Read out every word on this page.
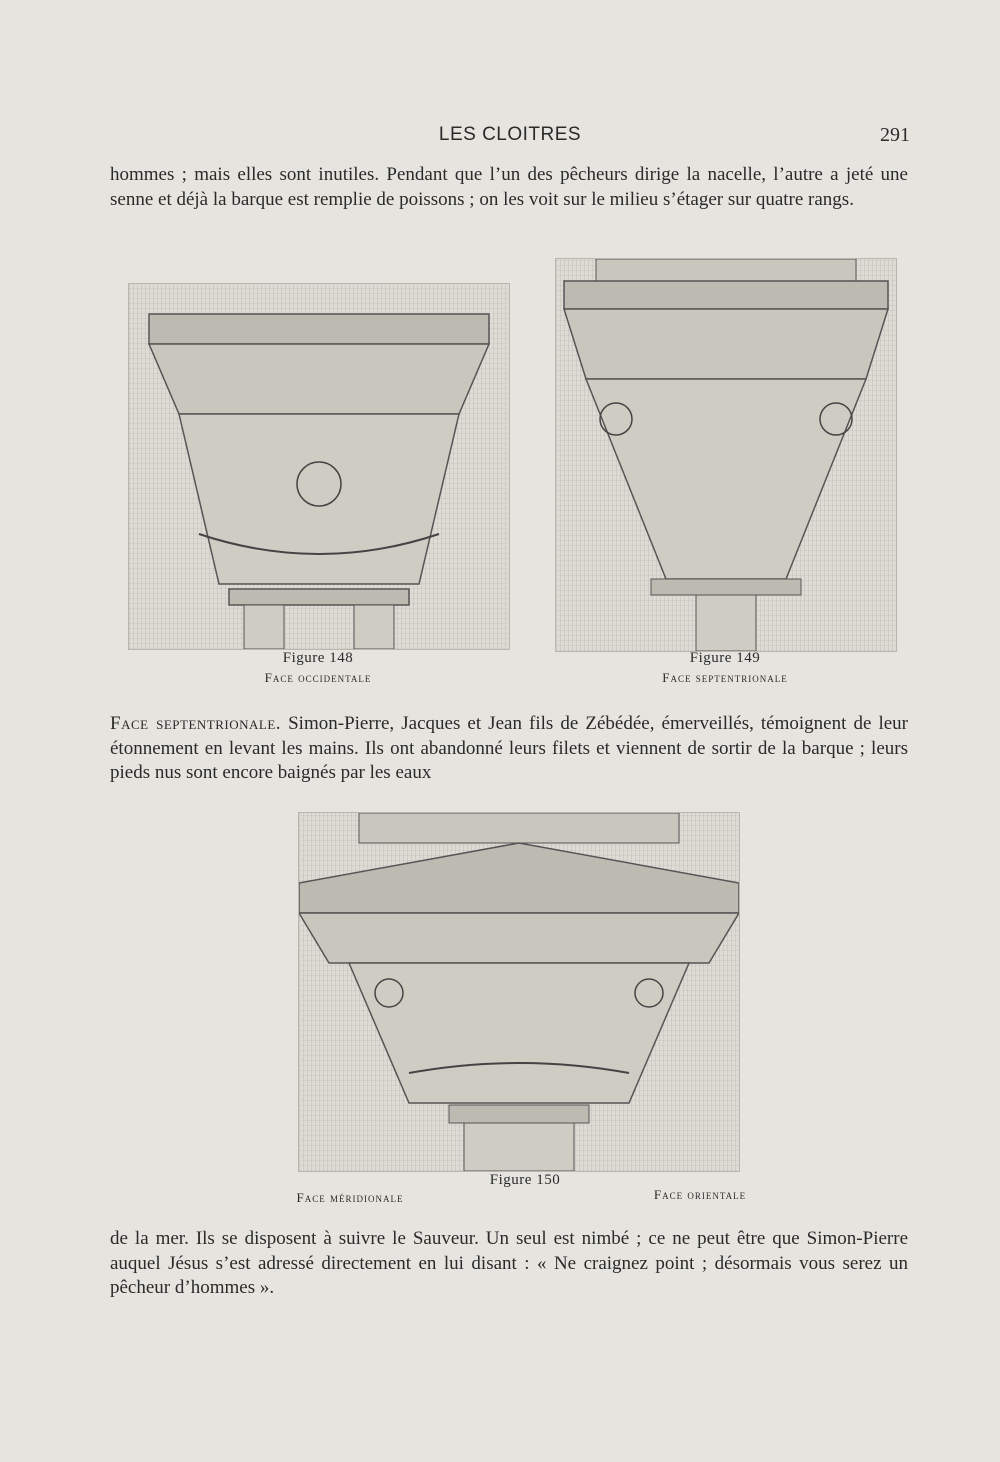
LES CLOITRES	291

hommes ; mais elles sont inutiles. Pendant que l’un des pêcheurs dirige la nacelle, l’autre a jeté une senne et déjà la barque est remplie de poissons ; on les voit sur le milieu s’étager sur quatre rangs.

Figure 148
Face occidentale
Figure 149
Face septentrionale

Face septentrionale. Simon-Pierre, Jacques et Jean fils de Zébédée, émerveillés, témoignent de leur étonnement en levant les mains. Ils ont abandonné leurs filets et viennent de sortir de la barque ; leurs pieds nus sont encore baignés par les eaux

Figure 150
Face méridionale	Face orientale

de la mer. Ils se disposent à suivre le Sauveur. Un seul est nimbé ; ce ne peut être que Simon-Pierre auquel Jésus s’est adressé directement en lui disant : « Ne craignez point ; désormais vous serez un pêcheur d’hommes ».
